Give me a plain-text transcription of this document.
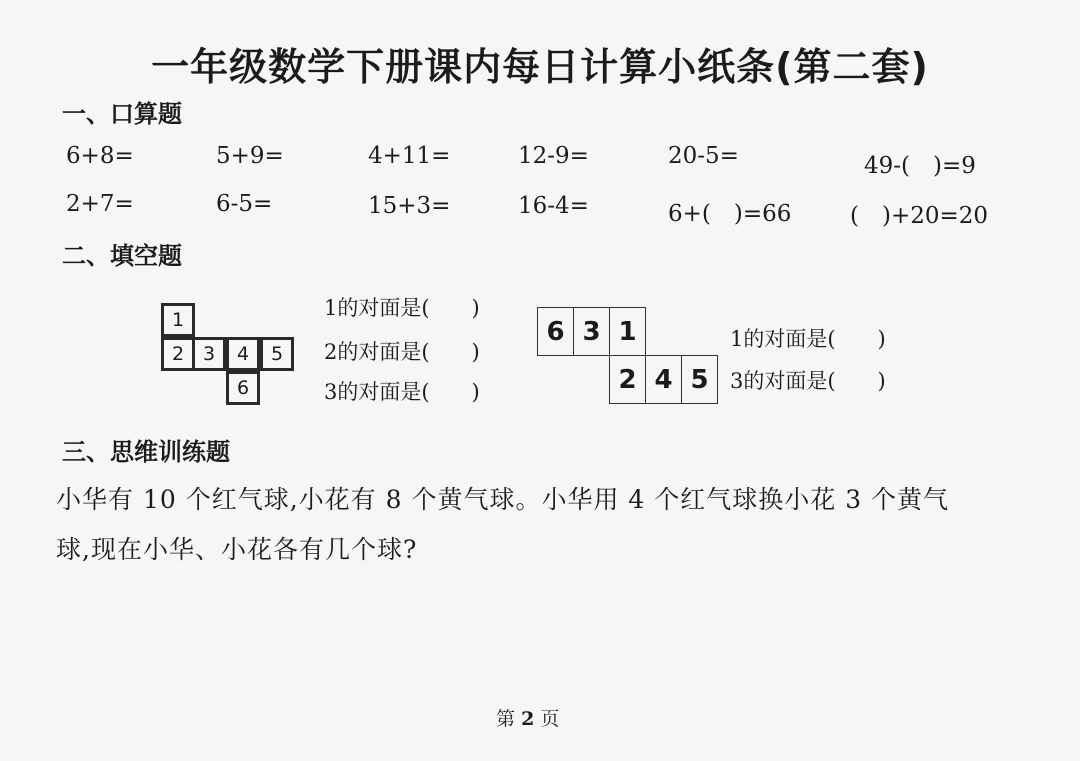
一年级数学下册课内每日计算小纸条(第二套)
一、口算题
6+8=	5+9=	4+11=	12-9=	20-5=	49-(　)=9
2+7=	6-5=	15+3=	16-4=	6+(　)=66	(　)+20=20
二、填空题
1
2 3	4	5
6
1的对面是(　　)
2的对面是(　　)
3的对面是(　　)
6 3 1
2 4 5
1的对面是(　　)
3的对面是(　　)
三、思维训练题
小华有 10 个红气球,小花有 8 个黄气球。小华用 4 个红气球换小花 3 个黄气
球,现在小华、小花各有几个球?
第 2 页
